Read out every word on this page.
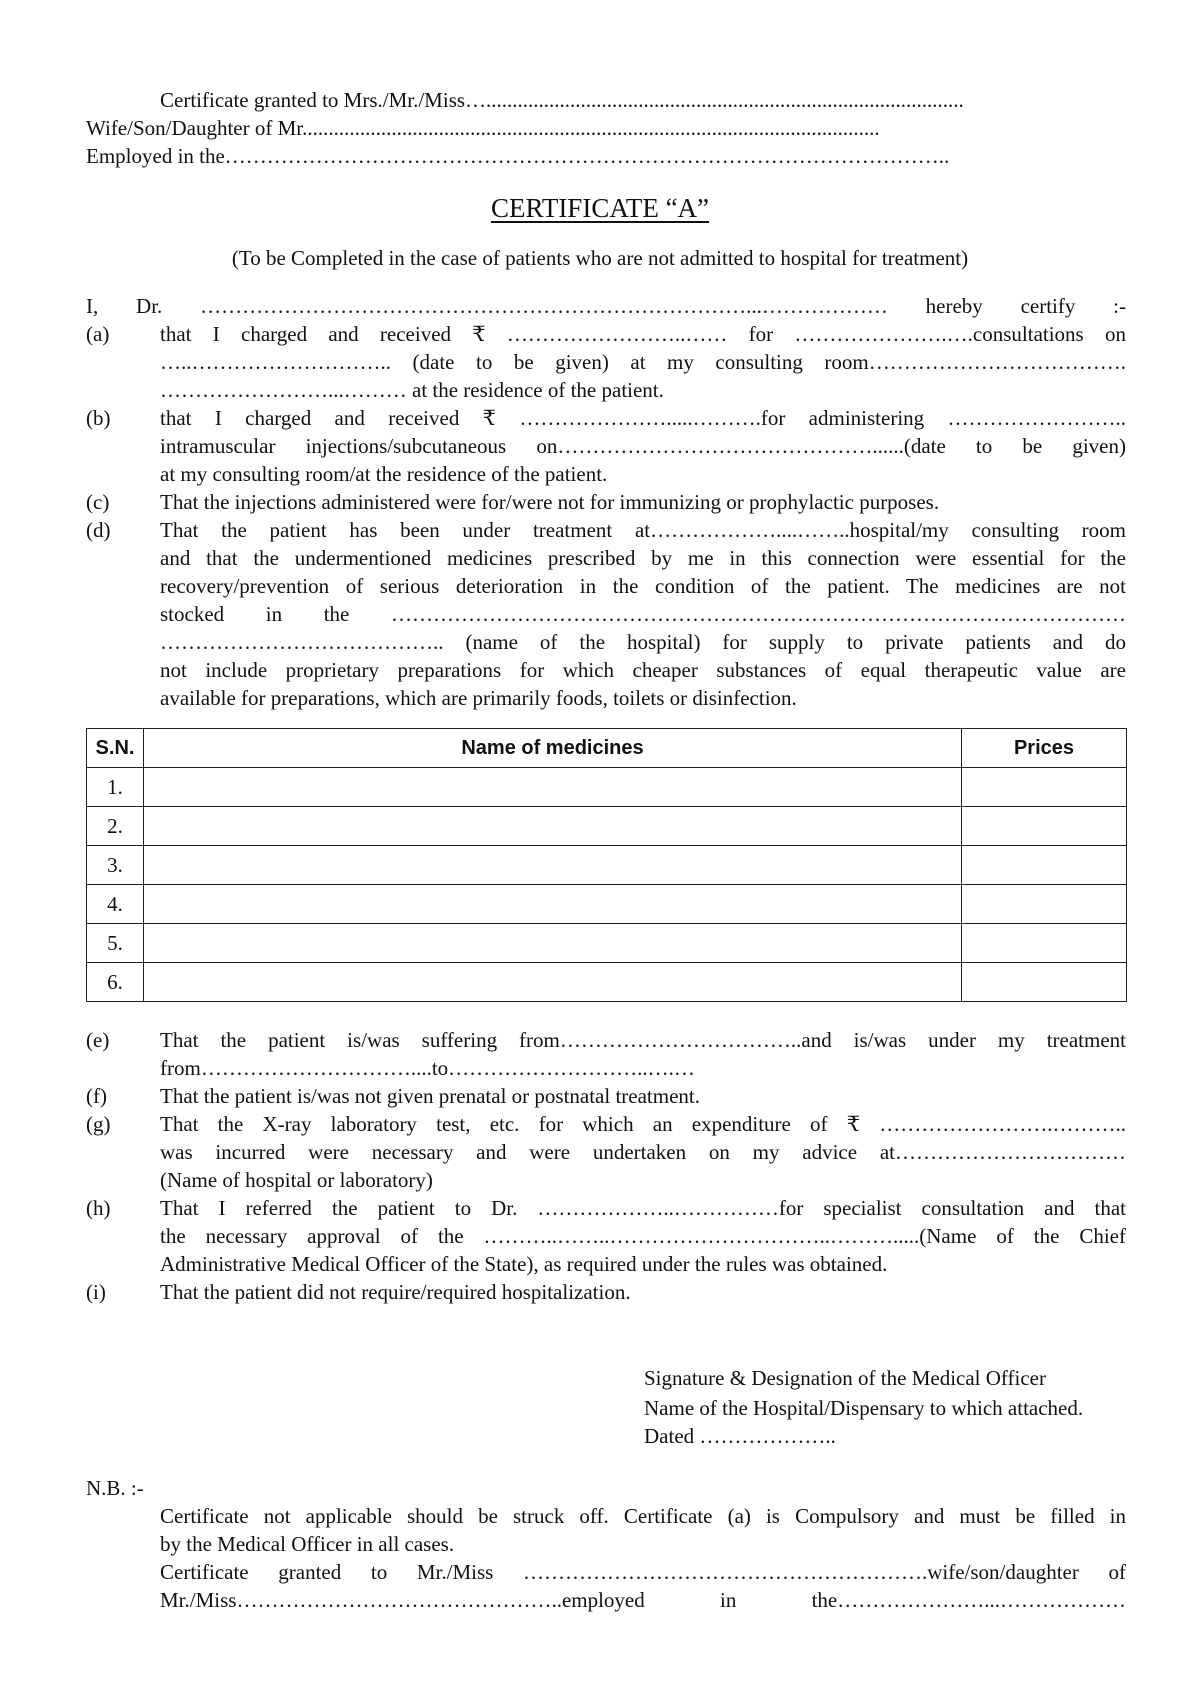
Certificate granted to Mrs./Mr./Miss…...........................................................................................
Wife/Son/Daughter of Mr..............................................................................................................
Employed in the…………………………………………………………………………………………..
CERTIFICATE “A”
(To be Completed in the case of patients who are not admitted to hospital for treatment)
I, Dr. ……………………………………………………………………...……………… hereby certify :-
(a) that I charged and received ₹ ……………………..…… for ………………….….consultations on
…..……………………….. (date to be given) at my consulting room……………………………….
……………………...……… at the residence of the patient.
(b) that I charged and received ₹ ………………….....……….for administering ……………………..
intramuscular injections/subcutaneous on………………………………………......(date to be given)
at my consulting room/at the residence of the patient.
(c) That the injections administered were for/were not for immunizing or prophylactic purposes.
(d) That the patient has been under treatment at………………....……..hospital/my consulting room
and that the undermentioned medicines prescribed by me in this connection were essential for the
recovery/prevention of serious deterioration in the condition of the patient. The medicines are not
stocked in the ……………………………………………………………………………………………
………………………………….. (name of the hospital) for supply to private patients and do
not include proprietary preparations for which cheaper substances of equal therapeutic value are
available for preparations, which are primarily foods, toilets or disinfection.
S.N.	Name of medicines	Prices
1.		
2.		
3.		
4.		
5.		
6.		
(e) That the patient is/was suffering from……………………………..and is/was under my treatment
from…………………………....to………………………..….…
(f)	That the patient is/was not given prenatal or postnatal treatment.
(g) That the X-ray laboratory test, etc. for which an expenditure of ₹ …………………….………..
was incurred were necessary and were undertaken on my advice at……………………………
(Name of hospital or laboratory)
(h) That I referred the patient to Dr. ………………..……………for specialist consultation and that
the necessary approval of the ………..……..…………………………..……….....(Name of the Chief
Administrative Medical Officer of the State), as required under the rules was obtained.
(i)	That the patient did not require/required hospitalization.
Signature & Designation of the Medical Officer
Name of the Hospital/Dispensary to which attached.
Dated ………………..
N.B. :-
Certificate not applicable should be struck off. Certificate (a) is Compulsory and must be filled in
by the Medical Officer in all cases.
Certificate granted to Mr./Miss ………………………………………………….wife/son/daughter of
Mr./Miss………………………………………..employed in the…………………...………………
